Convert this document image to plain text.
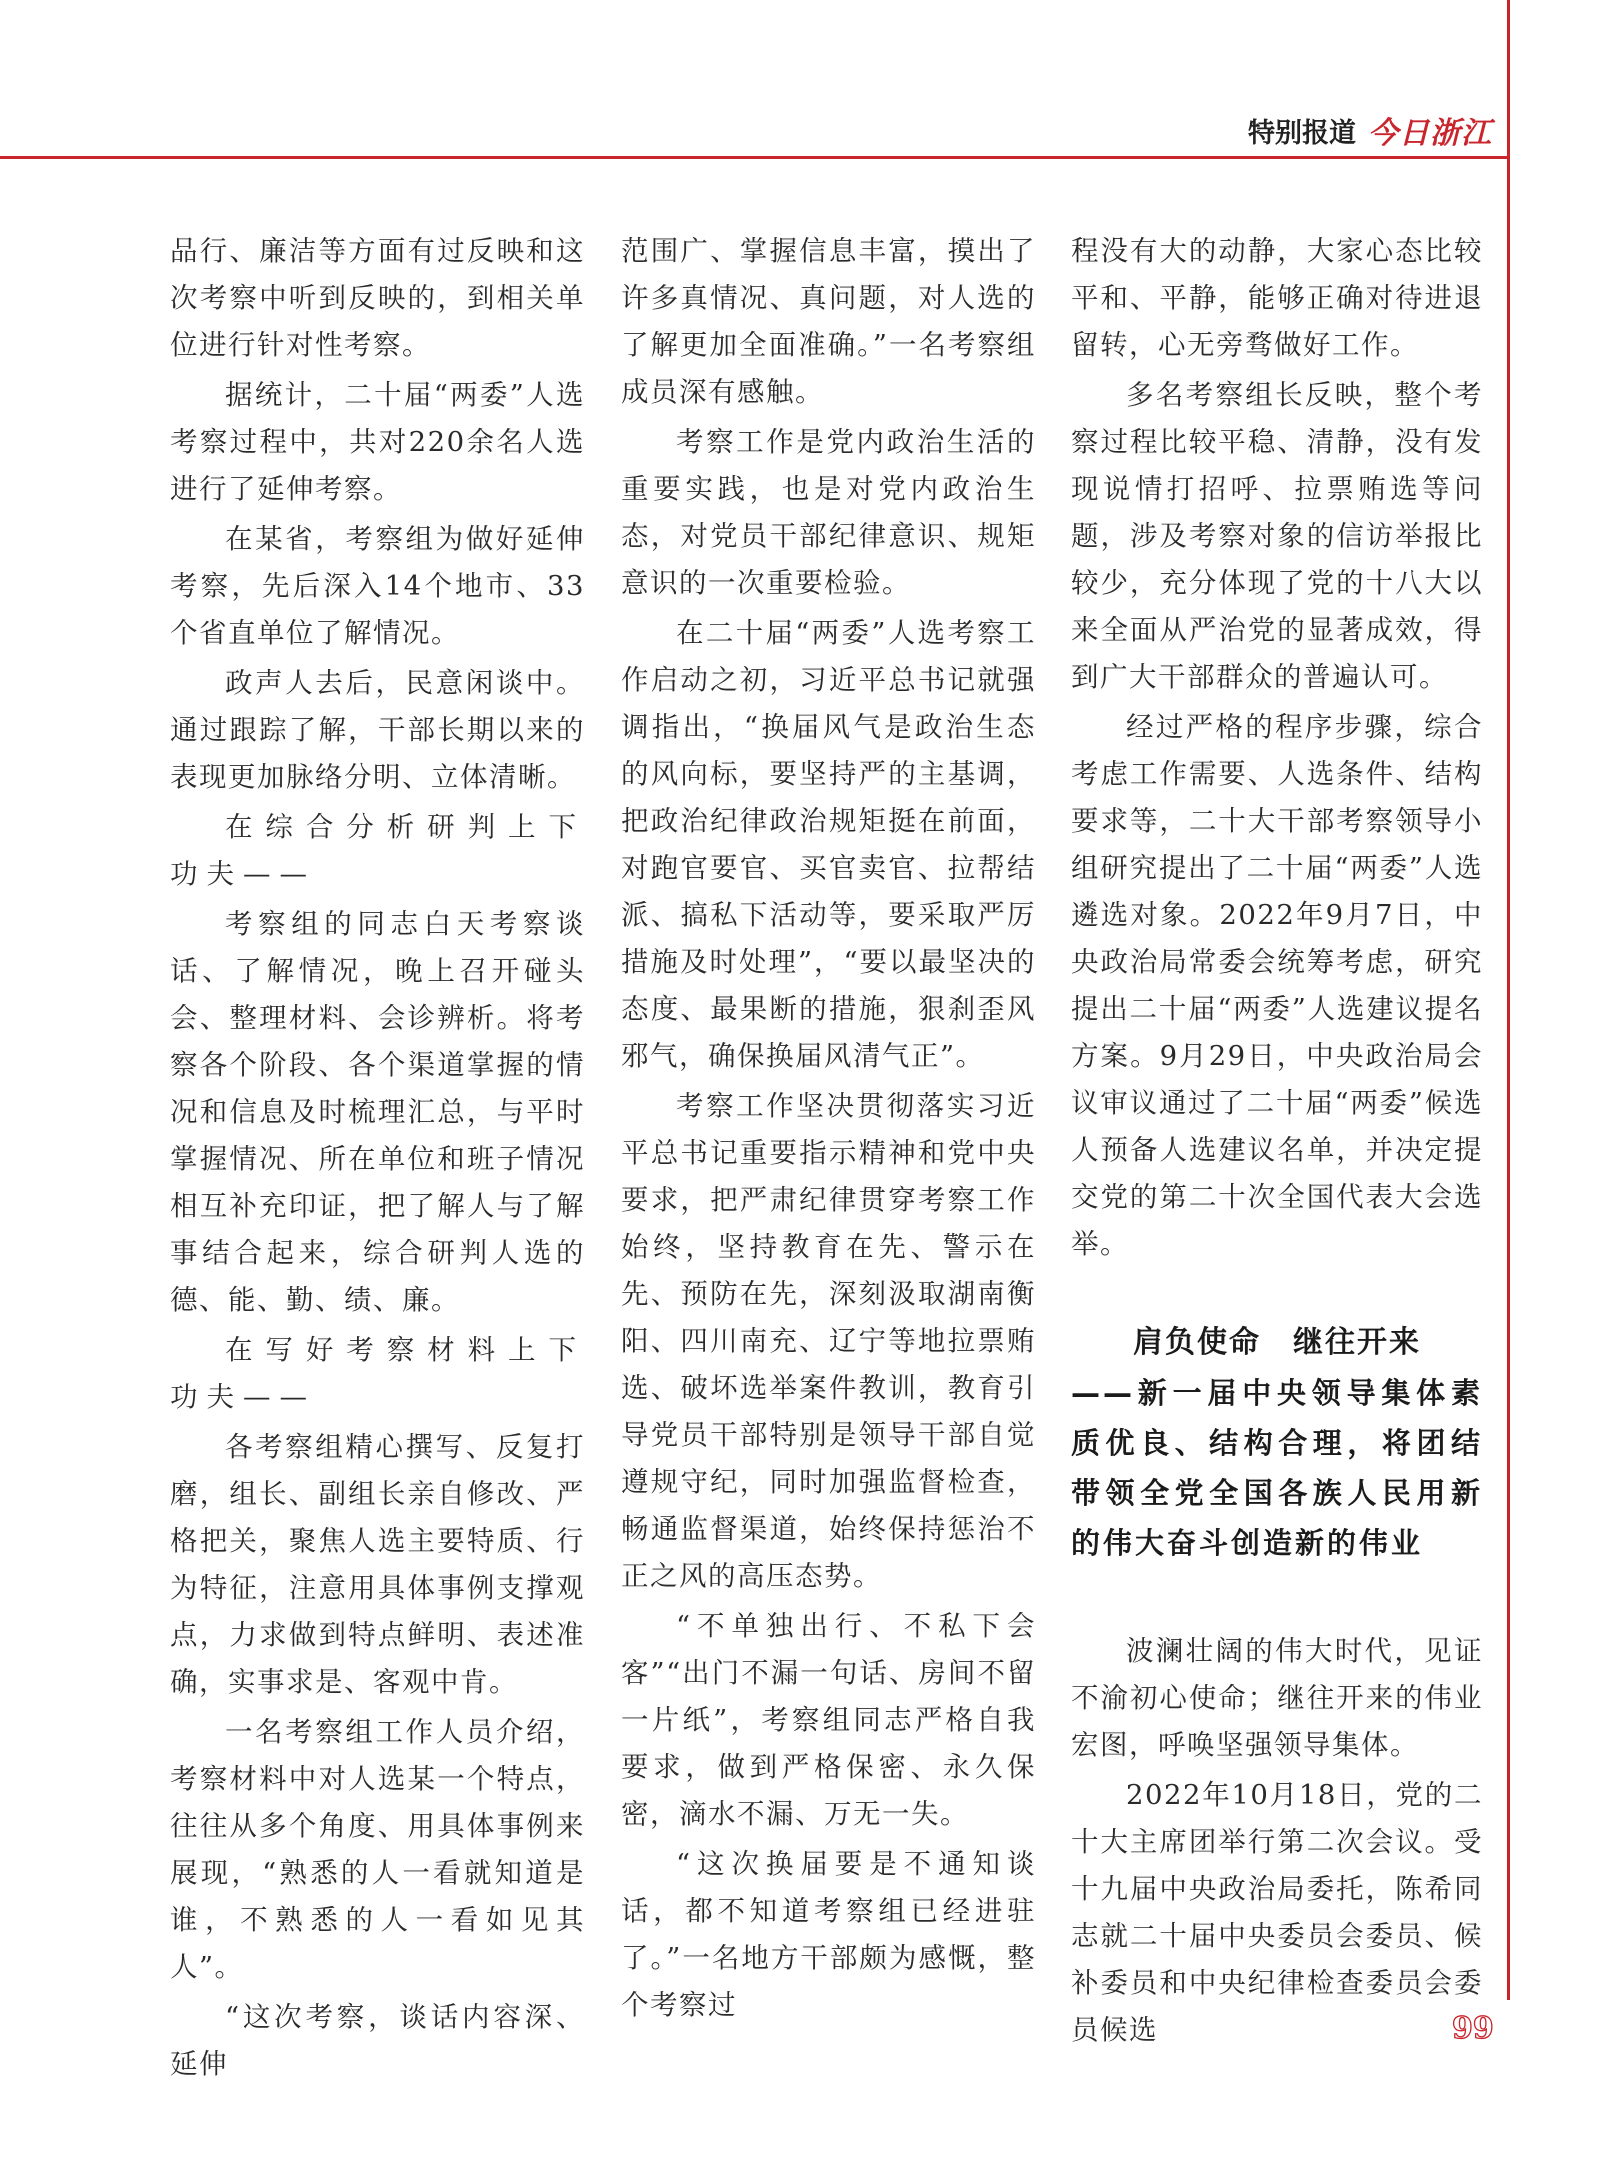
特别报道 今日浙江

品行、廉洁等方面有过反映和这次考察中听到反映的，到相关单位进行针对性考察。

据统计，二十届“两委”人选考察过程中，共对220余名人选进行了延伸考察。

在某省，考察组为做好延伸考察，先后深入14个地市、33个省直单位了解情况。

政声人去后，民意闲谈中。通过跟踪了解，干部长期以来的表现更加脉络分明、立体清晰。

在综合分析研判上下功夫——

考察组的同志白天考察谈话、了解情况，晚上召开碰头会、整理材料、会诊辨析。将考察各个阶段、各个渠道掌握的情况和信息及时梳理汇总，与平时掌握情况、所在单位和班子情况相互补充印证，把了解人与了解事结合起来，综合研判人选的德、能、勤、绩、廉。

在写好考察材料上下功夫——

各考察组精心撰写、反复打磨，组长、副组长亲自修改、严格把关，聚焦人选主要特质、行为特征，注意用具体事例支撑观点，力求做到特点鲜明、表述准确，实事求是、客观中肯。

一名考察组工作人员介绍，考察材料中对人选某一个特点，往往从多个角度、用具体事例来展现，“熟悉的人一看就知道是谁，不熟悉的人一看如见其人”。

“这次考察，谈话内容深、延伸

范围广、掌握信息丰富，摸出了许多真情况、真问题，对人选的了解更加全面准确。”一名考察组成员深有感触。

考察工作是党内政治生活的重要实践，也是对党内政治生态，对党员干部纪律意识、规矩意识的一次重要检验。

在二十届“两委”人选考察工作启动之初，习近平总书记就强调指出，“换届风气是政治生态的风向标，要坚持严的主基调，把政治纪律政治规矩挺在前面，对跑官要官、买官卖官、拉帮结派、搞私下活动等，要采取严厉措施及时处理”，“要以最坚决的态度、最果断的措施，狠刹歪风邪气，确保换届风清气正”。

考察工作坚决贯彻落实习近平总书记重要指示精神和党中央要求，把严肃纪律贯穿考察工作始终，坚持教育在先、警示在先、预防在先，深刻汲取湖南衡阳、四川南充、辽宁等地拉票贿选、破坏选举案件教训，教育引导党员干部特别是领导干部自觉遵规守纪，同时加强监督检查，畅通监督渠道，始终保持惩治不正之风的高压态势。

“不单独出行、不私下会客”“出门不漏一句话、房间不留一片纸”，考察组同志严格自我要求，做到严格保密、永久保密，滴水不漏、万无一失。

“这次换届要是不通知谈话，都不知道考察组已经进驻了。”一名地方干部颇为感慨，整个考察过

程没有大的动静，大家心态比较平和、平静，能够正确对待进退留转，心无旁骛做好工作。

多名考察组长反映，整个考察过程比较平稳、清静，没有发现说情打招呼、拉票贿选等问题，涉及考察对象的信访举报比较少，充分体现了党的十八大以来全面从严治党的显著成效，得到广大干部群众的普遍认可。

经过严格的程序步骤，综合考虑工作需要、人选条件、结构要求等，二十大干部考察领导小组研究提出了二十届“两委”人选遴选对象。2022年9月7日，中央政治局常委会统筹考虑，研究提出二十届“两委”人选建议提名方案。9月29日，中央政治局会议审议通过了二十届“两委”候选人预备人选建议名单，并决定提交党的第二十次全国代表大会选举。

肩负使命　继往开来
——新一届中央领导集体素质优良、结构合理，将团结带领全党全国各族人民用新的伟大奋斗创造新的伟业

波澜壮阔的伟大时代，见证不渝初心使命；继往开来的伟业宏图，呼唤坚强领导集体。

2022年10月18日，党的二十大主席团举行第二次会议。受十九届中央政治局委托，陈希同志就二十届中央委员会委员、候补委员和中央纪律检查委员会委员候选	99
